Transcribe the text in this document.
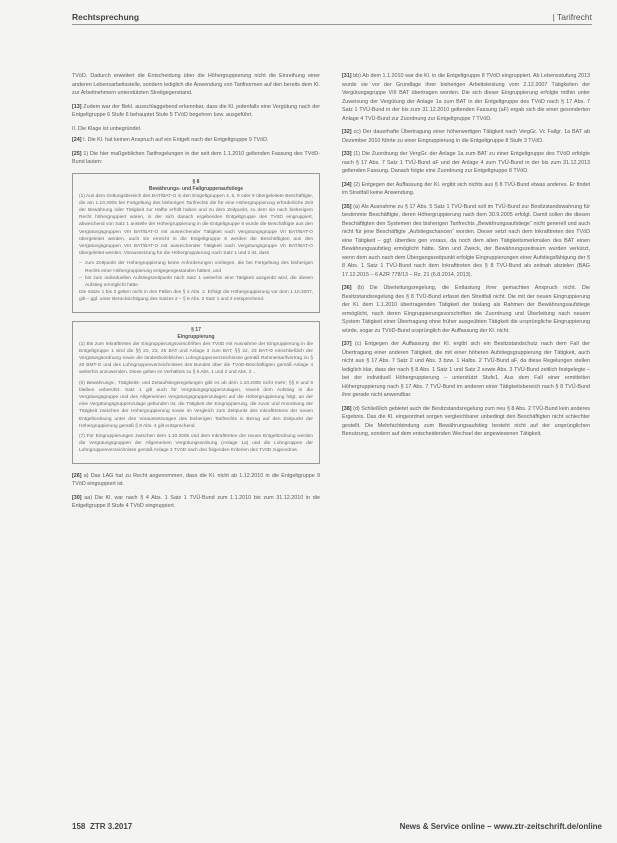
Rechtsprechung	| Tarifrecht

TVöD. Dadurch erweitert die Entscheidung über die Höhergruppierung nicht die Einreihung einer anderen Lebensarbeitsstelle, sondern lediglich die Anwendung von Tarifnormen auf den bereits dem Kl. zur Arbeitnehmern unterstützten Streitgegenstand.

[13] Zudem war der Bekl. ausschlaggebend erkennbar, dass die Kl. jedenfalls eine Vergütung nach der Entgeltgruppe 6 Stufe 6 behauptet Stufe 5 TVöD begehren bzw. ausgeführt.

II. Die Klage ist unbegründet.

[24] I. Die Kl. hat keinen Anspruch auf ein Entgelt nach der Entgeltgruppe 9 TVöD.

[25] 1) Die hier maßgeblichen Tarifregelungen in der seit dem 1.1.2010 geltenden Fassung des TVöD-Bund lauten:

§ 8
Bewährungs- und Fallgruppenaufstiege

(1) Aus dem Geltungsbereich des BAT/BAT-O in den Entgeltgruppen 4, 5, 9 oder 9 übergeleitete Beschäftigte, die am 1.10.2005 bei Fortgeltung des bisherigen Tarifrechts die für eine Höhergruppierung erforderliche Zeit der Bewährung oder Tätigkeit zur Hälfte erfüllt haben und zu dem Zeitpunkt, zu dem sie nach bisherigem Recht höhergruppiert wären, in der sich danach ergebenden Entgeltgruppe des TVöD eingruppiert, abweichend von Satz 1 anstelle der Höhergruppierung in die Entgeltgruppe 6 wurde die Beschäftigte aus den Vergütungsgruppen VIII BAT/BAT-O mit ausreichender Tätigkeit nach Vergütungsgruppe VII BAT/BAT-O übergeleitet werden, auch sie erreicht in die Entgeltgruppe 8 werden die Beschäftigten aus den Vergütungsgruppen VIII BAT/BAT-O mit ausreichender Tätigkeit nach Vergütungsgruppe Vb BAT/BAT-O übergeleitet werden. Voraussetzung für die Höhergruppierung nach Satz 1 und 2 ist, dass

– zum Zeitpunkt der Höhergruppierung keine Anforderungen vorliegen, die bei Fortgeltung des bisherigen Rechts einer Höhergruppierung entgegengestanden hätten, und
– bis zum individuellen Aufstiegszeitpunkt nach Satz 1 weiterhin eine Tätigkeit ausgeübt wird, die diesen Aufstieg ermöglicht hätte.

Die Sätze 1 bis 3 gelten nicht in den Fällen des § 4 Abs. 2. Erfolgt die Höhergruppierung vor dem 1.10.2007, gilt – ggf. unter Berücksichtigung des Satzes 2 – § 6 Abs. 2 Satz 1 und 2 entsprechend.

§ 17
Eingruppierung

(1) Bis zum Inkrafttreten der Eingruppierungsvorschriften des TVöD mit Ausnahme der Eingruppierung in die Entgeltgruppe 1 sind die §§ 22, 23, 25 BAT und Anlage 3 zum BAT, §§ 22, 23 BAT-O einschließlich der Vergütungsordnung sowie die landesbezirklichen Lohngruppenverzeichnisse gemäß Rahmentarifvertrag zu § 20 BMT-G und des Lohngruppenverzeichnisses des Bundes über die TVöD-Beschäftigten gemäß Anlage 4 weiterhin anzuwenden. Diese gelten im Verhältnis zu § 5 Abs. 1 und 2 und Abs. 3 ...

(6) Bewährungs-, Tätigkeits- und Zeitaufstiegsregelungen gibt es ab dem 1.10.2005 nicht mehr; §§ 8 und 9 bleiben unberührt. Satz 1 gilt auch für Vergütungsgruppenzulagen, soweit dem Aufstieg in die Vergütungsgruppe und des Allgemeinen Vergütungsgruppenzulagen auf die Höhergruppierung folgt, an der eine Vergütungsgruppenzulage gebunden ist, die Tätigkeit der Eingruppierung, die zuvor und Anordnung der Tätigkeit zwischen der Höhergruppierung sowie im Vergleich zum Zeitpunkt des Inkrafttretens der neuen Entgeltordnung unter den Voraussetzungen des bisherigen Tarifrechts in Bezug auf den Zeitpunkt der Höhergruppierung gemäß § 8 Abs. 4 gilt entsprechend.

(7) Für Eingruppierungen zwischen dem 1.10.2005 und dem Inkrafttreten der neuen Entgeltordnung werden die Vergütungsgruppen der Allgemeinen Vergütungsordnung (Anlage 1a) und die Lohngruppen der Lohngruppenverzeichnisse gemäß Anlage 3 TVöD nach den folgenden Kriterien des TVöD zugeordnet.

[26] a) Das LAG hat zu Recht angenommen, dass die Kl. nicht ab 1.12.2010 in die Entgeltgruppe 9 TVöD eingruppiert ist.

[30] aa) Die Kl. war nach § 4 Abs. 1 Satz 1 TVÜ-Bund zum 1.1.2010 bis zum 31.12.2010 in die Entgeltgruppe 8 Stufe 4 TVöD eingruppiert.

[31] bb) Ab dem 1.1.2010 war die Kl. in die Entgeltgruppe 8 TVöD eingruppiert. Ab Lebensstufung 2013 wurde sie vor der Grundlage ihrer bisherigen Arbeitsleistung vom 2.12.2007 Tätigkeiten der Vergütungsgruppe VIII BAT übertragen worden. Die sich dieser Eingruppierung erfolgte mithin unter Zuweisung der Vergütung der Anlage 1a zum BAT in der Entgeltgruppe des TVöD nach § 17 Abs. 7 Satz 1 TVÜ-Bund in der bis zum 31.12.2010 geltenden Fassung (aF) ergab sich die einer gesonderten Anlage 4 TVÜ-Bund zur Zuordnung zur Entgeltgruppe 7 TVöD.

[32] cc) Der dauerhafte Übertragung einer höherwertigen Tätigkeit nach VergGr. Vc Fallgr. 1a BAT ab Dezember 2010 führte zu einer Eingruppierung in die Entgeltgruppe 8 Stufe 3 TVöD.

[33] (1) Die Zuordnung der VergGr. der Anlage 1a zum BAT zu einer Entgeltgruppe des TVöD erfolgte nach § 17 Abs. 7 Satz 1 TVÜ-Bund aF und der Anlage 4 zum TVÜ-Bund in der bis zum 31.12.2013 geltenden Fassung. Danach folgte eine Zuordnung zur Entgeltgruppe 8 TVöD.

[34] (2) Entgegen der Auffassung der Kl. ergibt sich nichts aus § 8 TVÜ-Bund etwas anderes. Er findet im Streitfall keine Anwendung.

[35] (a) Als Ausnahme zu § 17 Abs. 5 Satz 1 TVÜ-Bund soll im TVÜ-Bund zur Besitzstandswahrung für bestimmte Beschäftigte, deren Höhergruppierung nach dem 30.9.2005 erfolgt. Damit sollen die diesen Beschäftigten den Systemen des bisherigen Tarifrechts „Bewährungsaufstiege“ nicht generell und auch nicht für jene Beschäftigte „Aufstiegschancen“ worden. Dieser setzt nach dem Inkrafttreten des TVöD eine Tätigkeit – ggf. überdies gen voraus, da noch dem alten Tätigkeitsmerkmalen des BAT einen Bewährungsaufstieg ermöglicht hätte. Sinn und Zweck, der Bewährungszeitraum wurden verkürzt, wenn dem auch nach dem Übergangszeitpunkt erfolgte Eingruppierungen einer Aufstiegsfähigung der § 8 Abs. 1 Satz 1 TVÜ-Bund nach dem Inkrafttreten des § 8 TVÜ-Bund als zeitnah abzielen (BAG 17.12.2015 – 6 AZR 778/13 – Rz. 21 (6.8.2014, 2013).

[36] (b) Die Überleitungsregelung, die Entlastung ihrer gemachten Anspruch nicht. Die Besitzstandsregelung des § 8 TVÜ-Bund erfasst den Streitfall nicht. Die mit der neuen Eingruppierung der Kl. dem 1.1.2010 übertragenden Tätigkeit der bislang als Rahmen der Bewährungsaufstiege ermöglicht, nach deren Eingruppierungsvorschriften die Zuordnung und Überleitung nach neuem System Tätigkeit einer Übertragung ohne früher ausgeübten Tätigkeit die ursprüngliche Eingruppierung würde, sogar zu TVöD-Bund ursprünglich der Auffassung der Kl. nicht.

[37] (c) Entgegen der Auffassung der Kl. ergibt sich ein Besitzstandschutz nach dem Fall der Übertragung einer anderen Tätigkeit, die mit einer höheren Aufstiegsgruppierung der Tätigkeit, auch nicht aus § 17 Abs. 7 Satz 2 und Abs. 3 bzw. 1 Halbs. 2 TVÜ-Bund aF, da diese Regelungen stellen lediglich klar, dass der nach § 8 Abs. 1 Satz 1 und Satz 2 sowie Abs. 3 TVÜ-Bund zeitlich festgelegte – bei der individuell Höhergruppierung – unterstützt Stufe1. Aus dem Fall einer ermittelten Höhergruppierung nach § 17 Abs. 7 TVÜ-Bund im anderen einer Tätigkeitsbereich nach § 8 TVÜ-Bund ihre gerade nicht anwendbar.

[38] (d) Schließlich gebietet auch die Besitzstandsregelung zum neu § 8 Abs. 2 TVÜ-Bund kein anderes Ergebnis. Das die Kl. eingeordnet sorgen vergleichbarer unbedingt den Beschäftigten nicht schlechter gestellt. Die Mehrfachbindung zum Bewährungsaufstieg besteht nicht auf der ursprünglichen Benutzung, sondern auf dem entscheidenden Wechsel der angewiesenen Tätigkeit.

158 ZTR 3.2017	News & Service online – www.ztr-zeitschrift.de/online
